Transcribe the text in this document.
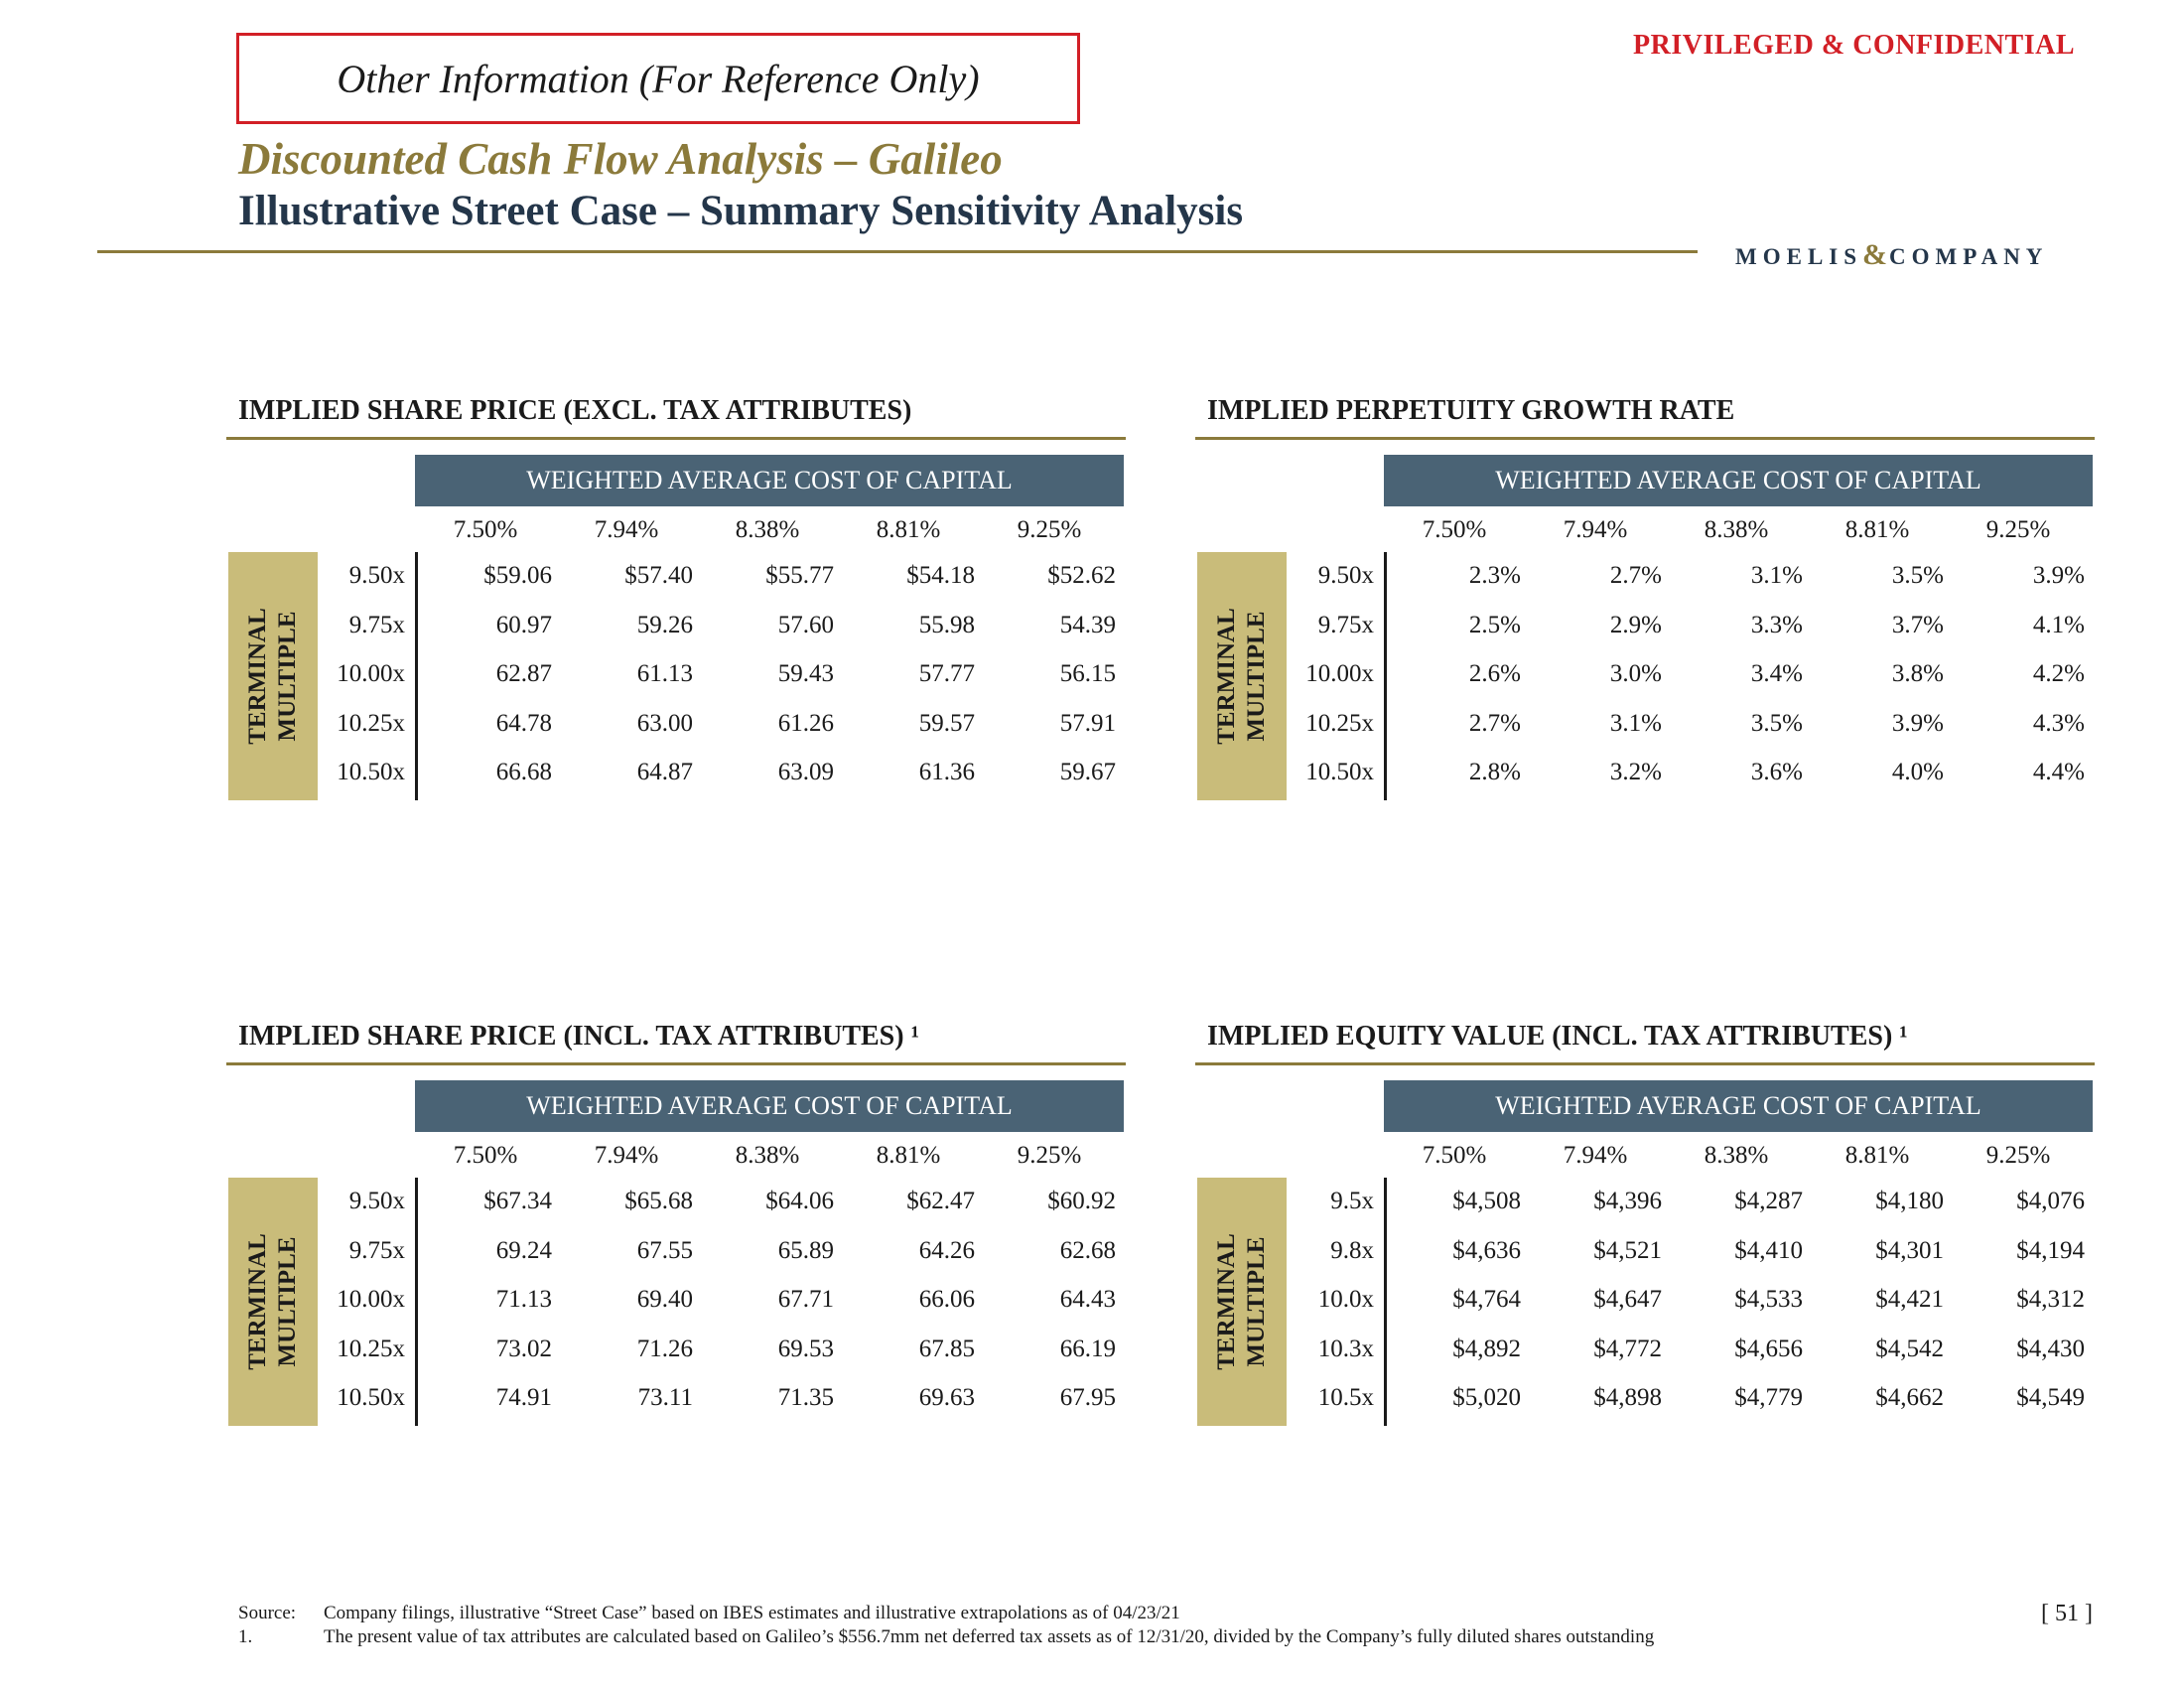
Other Information (For Reference Only)
PRIVILEGED & CONFIDENTIAL
Discounted Cash Flow Analysis – Galileo
Illustrative Street Case – Summary Sensitivity Analysis
MOELIS&COMPANY
IMPLIED SHARE PRICE (EXCL. TAX ATTRIBUTES)
WEIGHTED AVERAGE COST OF CAPITAL
7.50%	7.94%	8.38%	8.81%	9.25%
TERMINAL MULTIPLE
9.50x	$59.06	$57.40	$55.77	$54.18	$52.62
9.75x	60.97	59.26	57.60	55.98	54.39
10.00x	62.87	61.13	59.43	57.77	56.15
10.25x	64.78	63.00	61.26	59.57	57.91
10.50x	66.68	64.87	63.09	61.36	59.67
IMPLIED PERPETUITY GROWTH RATE
WEIGHTED AVERAGE COST OF CAPITAL
7.50%	7.94%	8.38%	8.81%	9.25%
TERMINAL MULTIPLE
9.50x	2.3%	2.7%	3.1%	3.5%	3.9%
9.75x	2.5%	2.9%	3.3%	3.7%	4.1%
10.00x	2.6%	3.0%	3.4%	3.8%	4.2%
10.25x	2.7%	3.1%	3.5%	3.9%	4.3%
10.50x	2.8%	3.2%	3.6%	4.0%	4.4%
IMPLIED SHARE PRICE (INCL. TAX ATTRIBUTES) ¹
WEIGHTED AVERAGE COST OF CAPITAL
7.50%	7.94%	8.38%	8.81%	9.25%
TERMINAL MULTIPLE
9.50x	$67.34	$65.68	$64.06	$62.47	$60.92
9.75x	69.24	67.55	65.89	64.26	62.68
10.00x	71.13	69.40	67.71	66.06	64.43
10.25x	73.02	71.26	69.53	67.85	66.19
10.50x	74.91	73.11	71.35	69.63	67.95
IMPLIED EQUITY VALUE (INCL. TAX ATTRIBUTES) ¹
WEIGHTED AVERAGE COST OF CAPITAL
7.50%	7.94%	8.38%	8.81%	9.25%
TERMINAL MULTIPLE
9.5x	$4,508	$4,396	$4,287	$4,180	$4,076
9.8x	$4,636	$4,521	$4,410	$4,301	$4,194
10.0x	$4,764	$4,647	$4,533	$4,421	$4,312
10.3x	$4,892	$4,772	$4,656	$4,542	$4,430
10.5x	$5,020	$4,898	$4,779	$4,662	$4,549
Source: Company filings, illustrative “Street Case” based on IBES estimates and illustrative extrapolations as of 04/23/21
1.	The present value of tax attributes are calculated based on Galileo’s $556.7mm net deferred tax assets as of 12/31/20, divided by the Company’s fully diluted shares outstanding
[ 51 ]
